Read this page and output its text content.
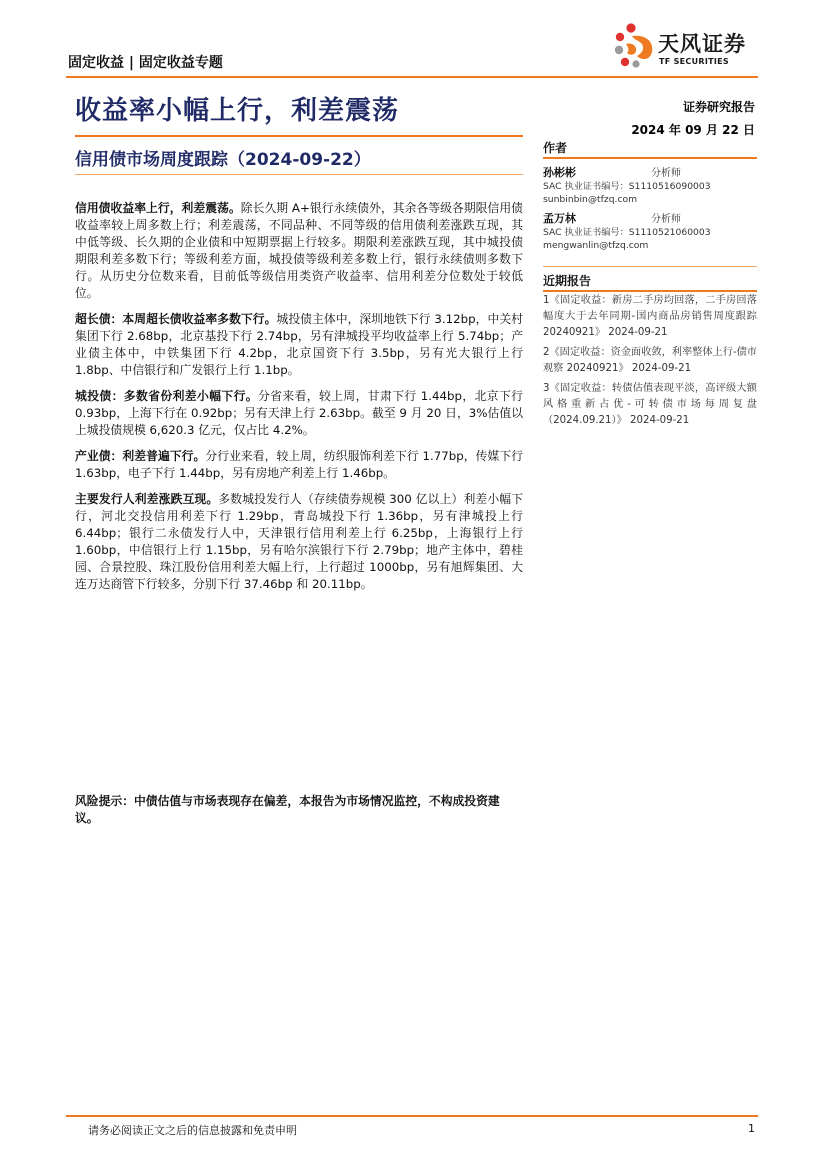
固定收益 | 固定收益专题
天风证券
TF SECURITIES
收益率小幅上行，利差震荡
信用债市场周度跟踪（2024-09-22）
证券研究报告
2024 年 09 月 22 日

信用债收益率上行，利差震荡。除长久期 A+银行永续债外，其余各等级各期限信用债收益率较上周多数上行；利差震荡，不同品种、不同等级的信用债利差涨跌互现，其中低等级、长久期的企业债和中短期票据上行较多。期限利差涨跌互现，其中城投债期限利差多数下行；等级利差方面，城投债等级利差多数上行，银行永续债则多数下行。从历史分位数来看，目前低等级信用类资产收益率、信用利差分位数处于较低位。

超长债：本周超长债收益率多数下行。城投债主体中，深圳地铁下行 3.12bp，中关村集团下行 2.68bp，北京基投下行 2.74bp，另有津城投平均收益率上行 5.74bp；产业债主体中，中铁集团下行 4.2bp，北京国资下行 3.5bp，另有光大银行上行 1.8bp、中信银行和广发银行上行 1.1bp。

城投债：多数省份利差小幅下行。分省来看，较上周，甘肃下行 1.44bp，北京下行 0.93bp，上海下行在 0.92bp；另有天津上行 2.63bp。截至 9 月 20 日，3%估值以上城投债规模 6,620.3 亿元，仅占比 4.2%。

产业债：利差普遍下行。分行业来看，较上周，纺织服饰利差下行 1.77bp，传媒下行 1.63bp，电子下行 1.44bp，另有房地产利差上行 1.46bp。

主要发行人利差涨跌互现。多数城投发行人（存续债券规模 300 亿以上）利差小幅下行，河北交投信用利差下行 1.29bp，青岛城投下行 1.36bp，另有津城投上行 6.44bp；银行二永债发行人中，天津银行信用利差上行 6.25bp，上海银行上行 1.60bp，中信银行上行 1.15bp，另有哈尔滨银行下行 2.79bp；地产主体中，碧桂园、合景控股、珠江股份信用利差大幅上行，上行超过 1000bp，另有旭辉集团、大连万达商管下行较多，分别下行 37.46bp 和 20.11bp。

风险提示：中债估值与市场表现存在偏差，本报告为市场情况监控，不构成投资建议。
作者
孙彬彬	分析师
SAC 执业证书编号：S1110516090003
sunbinbin@tfzq.com
孟万林	分析师
SAC 执业证书编号：S1110521060003
mengwanlin@tfzq.com
近期报告
1《固定收益：新房二手房均回落，二手房回落幅度大于去年同期-国内商品房销售周度跟踪 20240921》 2024-09-21
2《固定收益：资金面收敛，利率整体上行-债市观察 20240921》 2024-09-21
3《固定收益：转债估值表现平淡，高评级大额风格重新占优-可转债市场每周复盘（2024.09.21）》 2024-09-21
请务必阅读正文之后的信息披露和免责申明	1
